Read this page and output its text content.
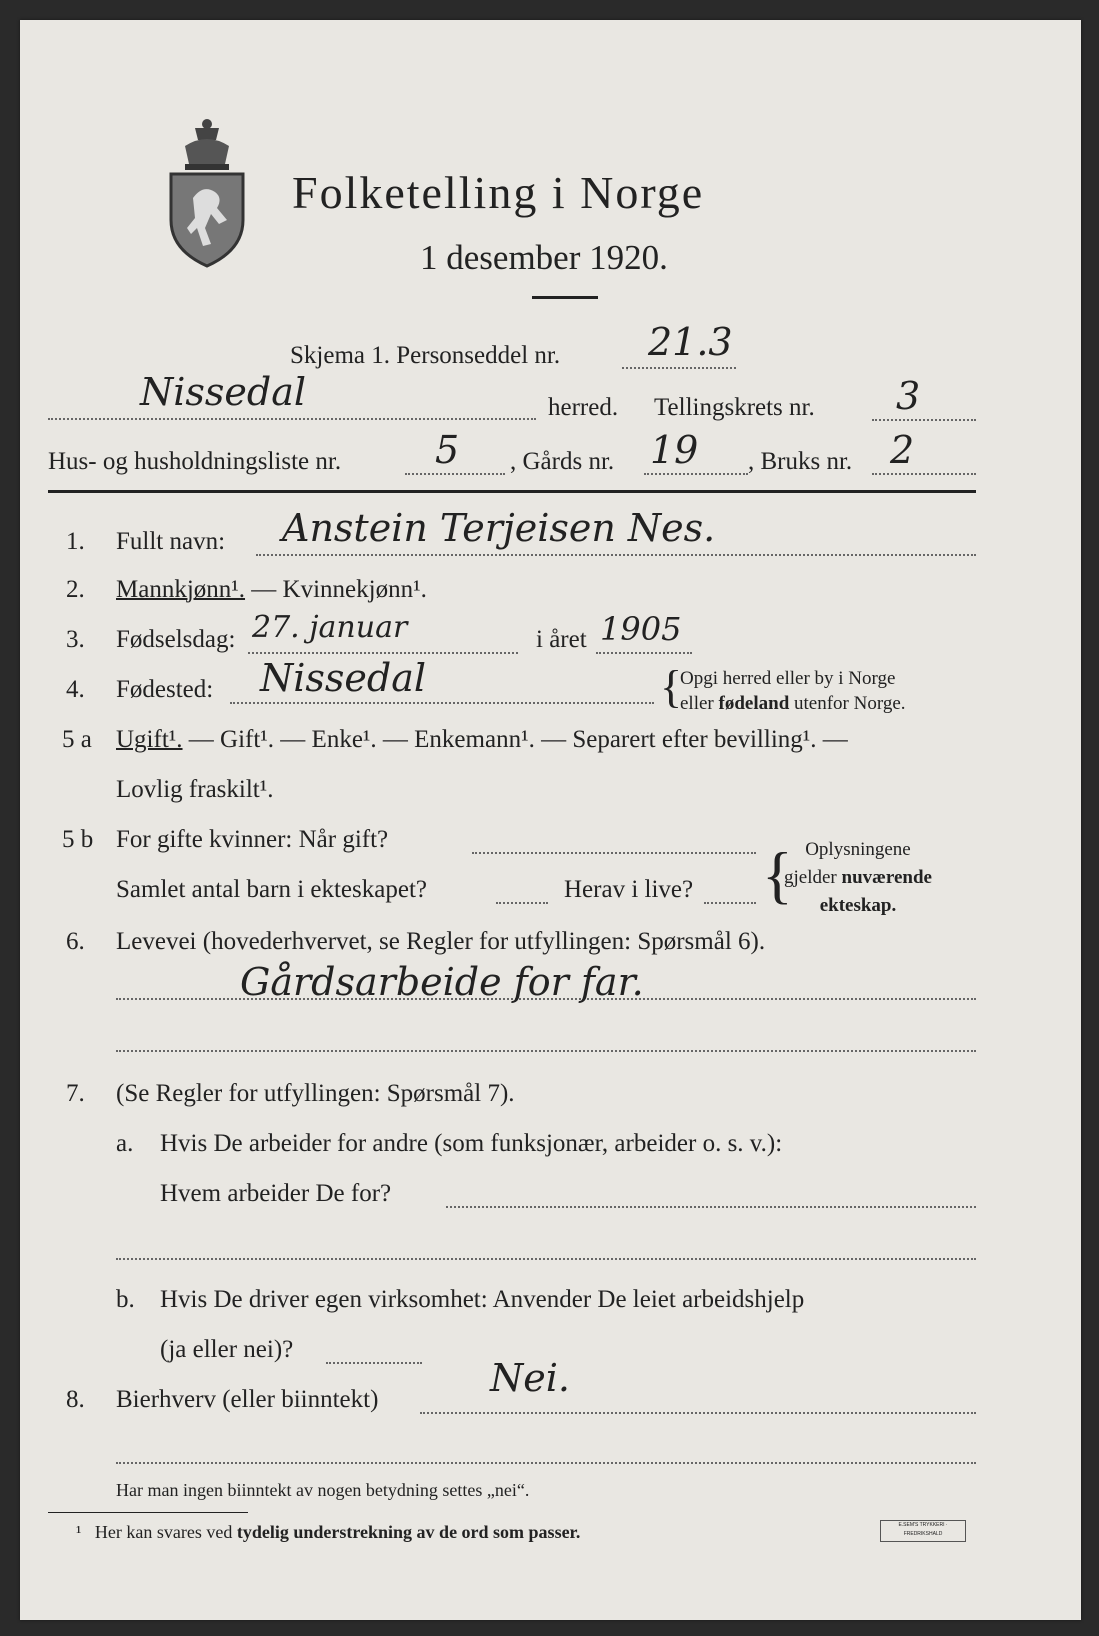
Folketelling i Norge
1 desember 1920.
Skjema 1. Personseddel nr. 21.3
Nissedal	herred. Tellingskrets nr. 3
Hus- og husholdningsliste nr. 5 , Gårds nr. 19 , Bruks nr. 2
1. Fullt navn: Anstein Terjeisen Nes.
2. Mannkjønn¹. — Kvinnekjønn¹.
3. Fødselsdag: 27. januar	i året 1905
4. Fødested: Nissedal	{
Opgi herred eller by i Norge
eller fødeland utenfor Norge.
5 a Ugift¹. — Gift¹. — Enke¹. — Enkemann¹. — Separert efter bevilling¹. —
Lovlig fraskilt¹.
5 b For gifte kvinner: Når gift?
Samlet antal barn i ekteskapet?	Herav i live? { Oplysningene
gjelder nuværende
ekteskap.
6. Levevei (hovederhvervet, se Regler for utfyllingen: Spørsmål 6).
Gårdsarbeide for far.
7. (Se Regler for utfyllingen: Spørsmål 7).
a. Hvis De arbeider for andre (som funksjonær, arbeider o. s. v.):
Hvem arbeider De for?
b. Hvis De driver egen virksomhet: Anvender De leiet arbeidshjelp
(ja eller nei)?
8. Bierhverv (eller biinntekt)	Nei.
Har man ingen biinntekt av nogen betydning settes „nei“.
¹ Her kan svares ved tydelig understrekning av de ord som passer.	E.SEM'S TRYKKERI · FREDRIKSHALD
